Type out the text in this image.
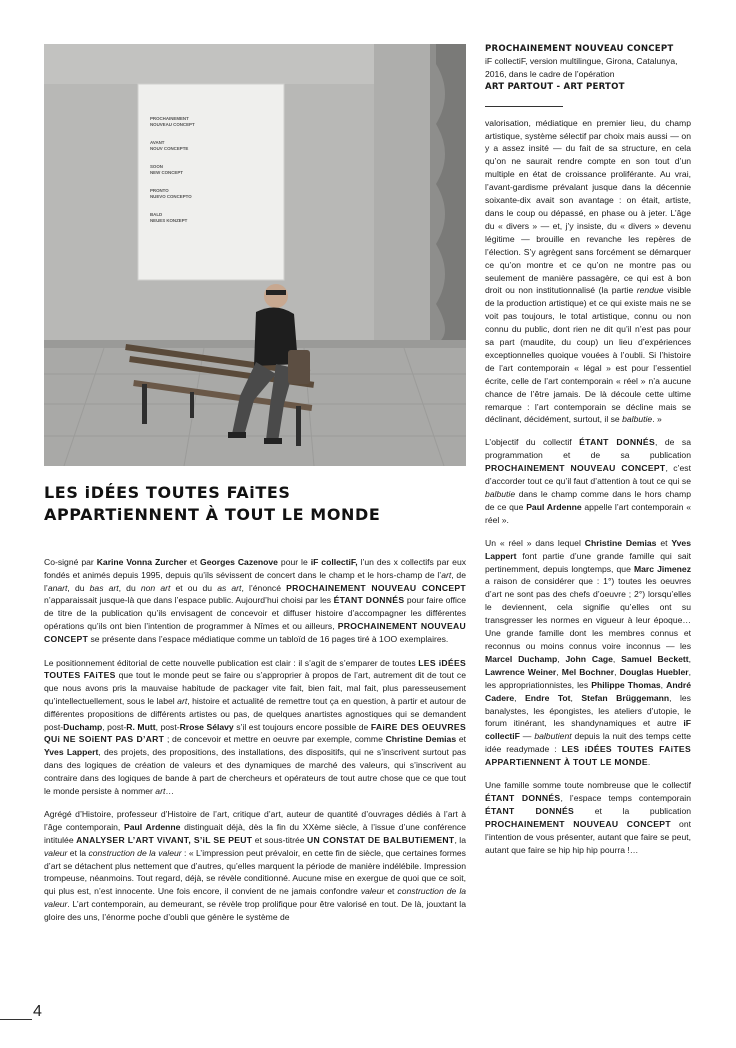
PROCHAINEMENT
NOUVEAU CONCEPT
AVANT
NOUV CONCEPTE
SOON
NEW CONCEPT
PRONTO
NUEVO CONCEPTO
BALD
NEUES KONZEPT
LES iDÉES TOUTES FAiTES
APPARTiENNENT À TOUT LE MONDE

Co-signé par Karine Vonna Zurcher et Georges Cazenove pour le iF collectiF, l’un des x collectifs par eux fondés et animés depuis 1995, depuis qu’ils sévissent de concert dans le champ et le hors-champ de l’art, de l’anart, du bas art, du non art et ou du as art, l’énoncé PROCHAINEMENT NOUVEAU CONCEPT n’apparaissait jusque-là que dans l’espace public. Aujourd’hui choisi par les ÉTANT DONNÉS pour faire office de titre de la publication qu’ils envisagent de concevoir et diffuser histoire d’accompagner les différentes opérations qu’ils ont bien l’intention de programmer à Nîmes et ou ailleurs, PROCHAINEMENT NOUVEAU CONCEPT se présente dans l’espace médiatique comme un tabloïd de 16 pages tiré à 1OO exemplaires.

Le positionnement éditorial de cette nouvelle publication est clair : il s’agit de s’emparer de toutes LES iDÉES TOUTES FAiTES que tout le monde peut se faire ou s’approprier à propos de l’art, autrement dit de tout ce que nous avons pris la mauvaise habitude de packager vite fait, bien fait, mal fait, plus paresseusement qu’intellectuellement, sous le label art, histoire et actualité de remettre tout ça en question, à partir et autour de différentes propositions de différents artistes ou pas, de quelques anartistes agnostiques qui se demandent post-Duchamp, post-R. Mutt, post-Rrose Sélavy s’il est toujours encore possible de FAiRE DES OEUVRES QUi NE SOiENT PAS D’ART ; de concevoir et mettre en oeuvre par exemple, comme Christine Demias et Yves Lappert, des projets, des propositions, des installations, des dispositifs, qui ne s’inscrivent surtout pas dans des logiques de création de valeurs et des dynamiques de marché des valeurs, qui s’inscrivent au contraire dans des logiques de bande à part de chercheurs et opérateurs de tout autre chose que ce que tout le monde persiste à nommer art…

Agrégé d’Histoire, professeur d’Histoire de l’art, critique d’art, auteur de quantité d’ouvrages dédiés à l’art à l’âge contemporain, Paul Ardenne distinguait déjà, dès la fin du XXème siècle, à l’issue d’une conférence intitulée ANALYSER L’ART ViVANT, S’iL SE PEUT et sous-titrée UN CONSTAT DE BALBUTiEMENT, la valeur et la construction de la valeur : « L’impression peut prévaloir, en cette fin de siècle, que certaines formes d’art se détachent plus nettement que d’autres, qu’elles marquent la période de manière indélébile. Impression trompeuse, néanmoins. Tout regard, déjà, se révèle conditionné. Aucune mise en exergue de quoi que ce soit, qui plus est, n’est innocente. Une fois encore, il convient de ne jamais confondre valeur et construction de la valeur. L’art contemporain, au demeurant, se révèle trop prolifique pour être valorisé en tout. De là, jouxtant la gloire des uns, l’énorme poche d’oubli que génère le système de

PROCHAINEMENT NOUVEAU CONCEPT
iF collectiF, version multilingue, Girona, Catalunya, 2016, dans le cadre de l’opération
ART PARTOUT - ART PERTOT

valorisation, médiatique en premier lieu, du champ artistique, système sélectif par choix mais aussi — on y a assez insité — du fait de sa structure, en cela qu’on ne saurait rendre compte en son tout d’un multiple en état de croissance proliférante. Au vrai, l’avant-gardisme prévalant jusque dans la décennie soixante-dix avait son avantage : on était, artiste, dans le coup ou dépassé, en phase ou à jeter. L’âge du « divers » — et, j’y insiste, du « divers » devenu légitime — brouille en revanche les repères de l’élection. S’y agrègent sans forcément se démarquer ce qu’on montre et ce qu’on ne montre pas ou seulement de manière passagère, ce qui est à bon droit ou non institutionnalisé (la partie rendue visible de la production artistique) et ce qui existe mais ne se voit pas toujours, le total artistique, connu ou non connu du public, dont rien ne dit qu’il n’est pas pour sa part (maudite, du coup) un lieu d’expériences exceptionnelles quoique vouées à l’oubli. Si l’histoire de l’art contemporain « légal » est pour l’essentiel écrite, celle de l’art contemporain « réel » n’a aucune chance de l’être jamais. De là découle cette ultime remarque : l’art contemporain se décline mais se déclinant, décidément, surtout, il se balbutie. »

L’objectif du collectif ÉTANT DONNÉS, de sa programmation et de sa publication PROCHAINEMENT NOUVEAU CONCEPT, c’est d’accorder tout ce qu’il faut d’attention à tout ce qui se balbutie dans le champ comme dans le hors champ de ce que Paul Ardenne appelle l’art contemporain « réel ».

Un « réel » dans lequel Christine Demias et Yves Lappert font partie d’une grande famille qui sait pertinemment, depuis longtemps, que Marc Jimenez a raison de considérer que : 1°) toutes les oeuvres d’art ne sont pas des chefs d’oeuvre ; 2°) lorsqu’elles le deviennent, cela signifie qu’elles ont su transgresser les normes en vigueur à leur époque… Une grande famille dont les membres connus et reconnus ou moins connus voire inconnus — les Marcel Duchamp, John Cage, Samuel Beckett, Lawrence Weiner, Mel Bochner, Douglas Huebler, les appropriationnistes, les Philippe Thomas, André Cadere, Endre Tot, Stefan Brüggemann, les banalystes, les épongistes, les ateliers d’utopie, le forum itinérant, les shandynamiques et autre iF collectiF — balbutient depuis la nuit des temps cette idée readymade : LES iDÉES TOUTES FAiTES APPARTiENNENT À TOUT LE MONDE.

Une famille somme toute nombreuse que le collectif ÉTANT DONNÉS, l’espace temps contemporain ÉTANT DONNÉS et la publication PROCHAINEMENT NOUVEAU CONCEPT ont l’intention de vous présenter, autant que faire se peut, autant que faire se hip hip hip pourra !…

4
